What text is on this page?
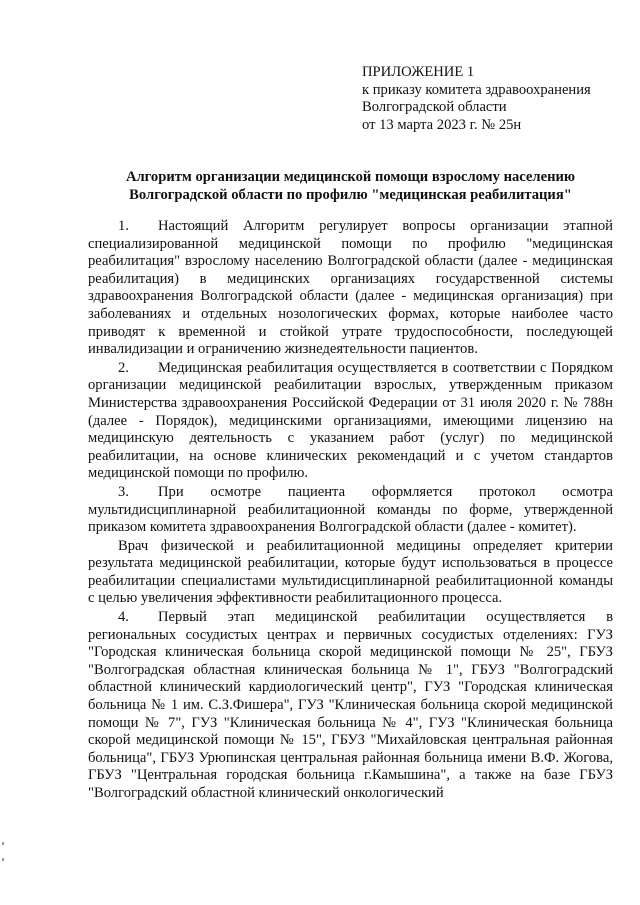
ПРИЛОЖЕНИЕ 1
к приказу комитета здравоохранения
Волгоградской области
от 13 марта 2023 г. № 25н
Алгоритм организации медицинской помощи взрослому населению
Волгоградской области по профилю "медицинская реабилитация"

1. Настоящий Алгоритм регулирует вопросы организации этапной специализированной медицинской помощи по профилю "медицинская реабилитация" взрослому населению Волгоградской области (далее - медицинская реабилитация) в медицинских организациях государственной системы здравоохранения Волгоградской области (далее - медицинская организация) при заболеваниях и отдельных нозологических формах, которые наиболее часто приводят к временной и стойкой утрате трудоспособности, последующей инвалидизации и ограничению жизнедеятельности пациентов.

2. Медицинская реабилитация осуществляется в соответствии с Порядком организации медицинской реабилитации взрослых, утвержденным приказом Министерства здравоохранения Российской Федерации от 31 июля 2020 г. № 788н (далее - Порядок), медицинскими организациями, имеющими лицензию на медицинскую деятельность с указанием работ (услуг) по медицинской реабилитации, на основе клинических рекомендаций и с учетом стандартов медицинской помощи по профилю.

3. При осмотре пациента оформляется протокол осмотра мультидисциплинарной реабилитационной команды по форме, утвержденной приказом комитета здравоохранения Волгоградской области (далее - комитет).

Врач физической и реабилитационной медицины определяет критерии результата медицинской реабилитации, которые будут использоваться в процессе реабилитации специалистами мультидисциплинарной реабилитационной команды с целью увеличения эффективности реабилитационного процесса.

4. Первый этап медицинской реабилитации осуществляется в региональных сосудистых центрах и первичных сосудистых отделениях: ГУЗ "Городская клиническая больница скорой медицинской помощи № 25", ГБУЗ "Волгоградская областная клиническая больница № 1", ГБУЗ "Волгоградский областной клинический кардиологический центр", ГУЗ "Городская клиническая больница № 1 им. С.З.Фишера", ГУЗ "Клиническая больница скорой медицинской помощи № 7", ГУЗ "Клиническая больница № 4", ГУЗ "Клиническая больница скорой медицинской помощи № 15", ГБУЗ "Михайловская центральная районная больница", ГБУЗ Урюпинская центральная районная больница имени В.Ф. Жогова, ГБУЗ "Центральная городская больница г.Камышина", а также на базе ГБУЗ "Волгоградский областной клинический онкологический
